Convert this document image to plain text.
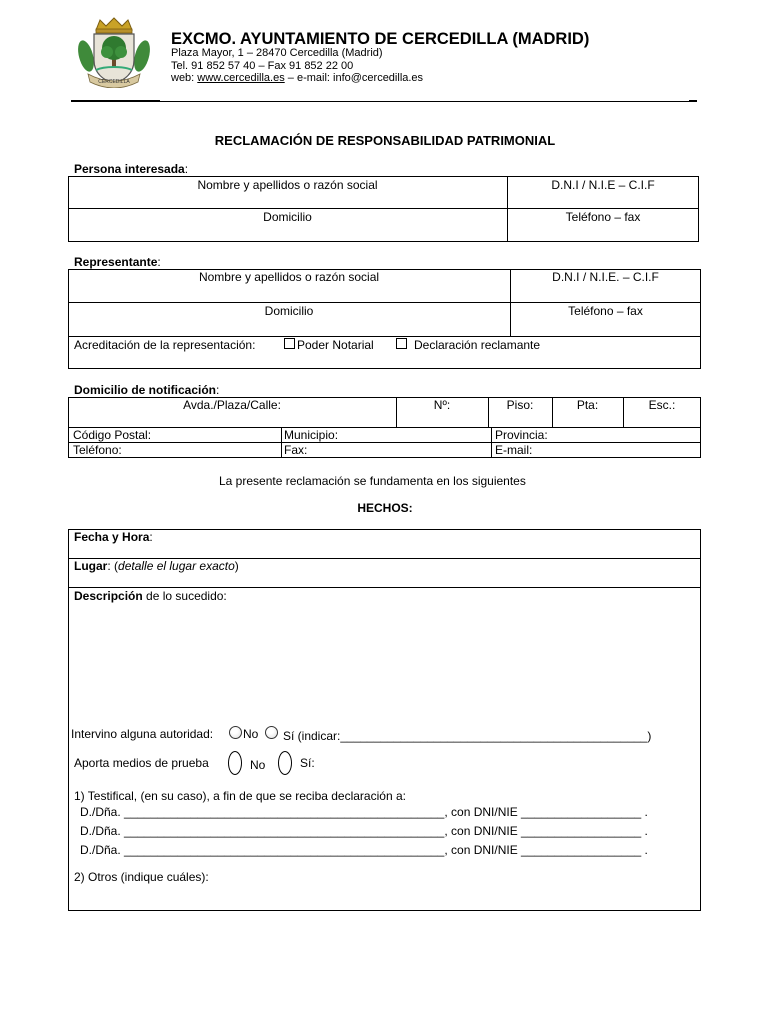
CERCEDILLA
EXCMO. AYUNTAMIENTO DE CERCEDILLA (MADRID)
Plaza Mayor, 1 – 28470 Cercedilla (Madrid)
Tel. 91 852 57 40 – Fax 91 852 22 00
web: www.cercedilla.es – e-mail: info@cercedilla.es
RECLAMACIÓN DE RESPONSABILIDAD PATRIMONIAL
Persona interesada:
Nombre y apellidos o razón social	D.N.I / N.I.E – C.I.F
Domicilio	Teléfono – fax
Representante:
Nombre y apellidos o razón social	D.N.I / N.I.E. – C.I.F
Domicilio	Teléfono – fax
Acreditación de la representación:	Poder Notarial	Declaración reclamante
Domicilio de notificación:
Avda./Plaza/Calle:	Nº:	Piso:	Pta:	Esc.:
Código Postal:	Municipio:	Provincia:
Teléfono:	Fax:	E-mail:
La presente reclamación se fundamenta en los siguientes
HECHOS:
Fecha y Hora:
Lugar: (detalle el lugar exacto)
Descripción de lo sucedido:
Intervino alguna autoridad: No Sí (indicar:______________________________________________)
Aporta medios de prueba	No	Sí:
1) Testifical, (en su caso), a fin de que se reciba declaración a:
D./Dña. ________________________________________________, con DNI/NIE __________________ .
D./Dña. ________________________________________________, con DNI/NIE __________________ .
D./Dña. ________________________________________________, con DNI/NIE __________________ .
2) Otros (indique cuáles):
